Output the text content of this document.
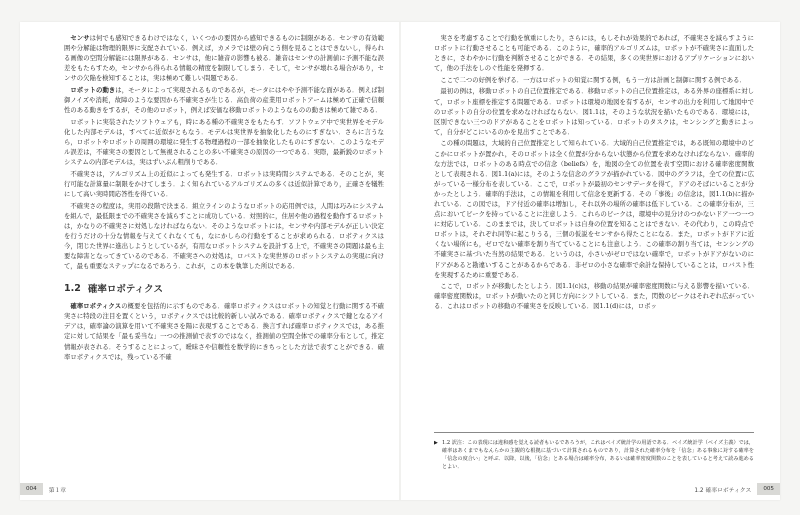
センサは何でも感知できるわけではなく，いくつかの要因から感知できるものに制限がある．センサの有効範囲や分解能は物理的限界に支配されている．例えば，カメラでは壁の向こう側を見ることはできないし，得られる画像の空間分解能には限界がある．センサは，他に雑音の影響も被る．雑音はセンサの計測値に予測不能な誤差をもたらすため，センサから得られる情報の精度を制限してしまう．そして，センサが壊れる場合があり，センサの欠陥を検知することは，実は極めて難しい問題である．

ロボットの動きは，モータによって実現されるものであるが，モータにはやや予測不能な面がある．例えば制御ノイズや消耗，故障のような要因から不確実さが生じる．高負荷の産業用ロボットアームは極めて正確で信頼性のある動きをするが，その他のロボット，例えば安価な移動ロボットのようなものの動きは極めて雑である．

ロボットに実装されたソフトウェアも，時にある種の不確実さをもたらす．ソフトウェア中で実世界をモデル化した内部モデルは，すべてに近似がともなう．モデルは実世界を抽象化したものにすぎない．さらに言うなら，ロボットやロボットの周囲の環境に発生する物理過程の一部を抽象化したものにすぎない．このようなモデル誤差は，不確実さの要因として無視されることの多い不確実さの原因の一つである．実際，最新鋭のロボットシステムの内部モデルは，実はずいぶん粗削りである．

不確実さは，アルゴリズム上の近似によっても発生する．ロボットは実時間システムである．そのことが，実行可能な計算量に制限をかけてしまう．よく知られているアルゴリズムの多くは近似計算であり，正確さを犠牲にして高い実時間応答性を得ている．

不確実さの程度は，実用の段階で決まる．組立ラインのようなロボットの応用例では，人間は巧みにシステムを組んで，最低限までの不確実さを減らすことに成功している．対照的に，住居や他の過程を動作するロボットは，かなりの不確実さに対処しなければならない．そのようなロボットには，センサや内部モデルが正しい決定を行うだけの十分な情報を与えてくれなくても，なにかしらの行動をすることが求められる．ロボティクスは今，閉じた世界に進出しようとしているが，有用なロボットシステムを設計する上で，不確実さの問題は最も主要な障害となってきているのである．不確実さへの対処は，ロバストな実世界のロボットシステムの実現に向けて，最も重要なステップになるであろう．これが，この本を執筆した所以である．

1.2 確率ロボティクス

確率ロボティクスの概要を包括的に示すものである．確率ロボティクスはロボットの知覚と行動に関する不確実さに特段の注目を置くという，ロボティクスでは比較的新しい試みである．確率ロボティクスで鍵となるアイデアは，確率論の演算を用いて不確実さを陽に表現することである．換言すれば確率ロボティクスでは，ある推定に対して結果を「最も妥当な」一つの推測値で表すのではなく，推測値の空間全体での確率分布として，推定情報が表される．そうすることによって，曖昧さや信頼性を数学的にきちっとした方法で表すことができる．確率ロボティクスでは，残っている不確

実さを考慮することで行動を慎重にしたり，さらには，もしそれが効果的であれば，不確実さを減らすようにロボットに行動させることも可能である．このように，確率的アルゴリズムは，ロボットが不確実さに直面したときに，さわやかに行動を判断させることができる．その結果，多くの実世界におけるアプリケーションにおいて，他の手法をしのぐ性能を発揮する．

ここで二つの好例を挙げる．一方はロボットの知覚に関する例，もう一方は計画と制御に関する例である．

最初の例は，移動ロボットの自己位置推定である．移動ロボットの自己位置推定は，ある外界の座標系に対して，ロボット座標を推定する問題である．ロボットは環境の地図を有するが，センサの出力を利用して地図中でのロボットの自分の位置を求めなければならない．図1.1は，そのような状況を描いたものである．環境には，区別できない三つのドアがあることをロボットは知っている．ロボットのタスクは，センシングと動きによって，自分がどこにいるのかを見出すことである．

この種の問題は，大域的自己位置推定として知られている．大域的自己位置推定では，ある既知の環境中のどこかにロボットが置かれ，そのロボットは全く位置が分からない状態から位置を求めなければならない．確率的な方法では，ロボットのある時点での信念（beliefs）を，地図の全ての位置を表す空間における確率密度関数として表現される．図1.1(a)には，そのような信念のグラフが描かれている．図中のグラフは，全ての位置に広がっている一様分布を表している．ここで，ロボットが最初のセンサデータを得て，ドアのそばにいることが分かったとしよう．確率的手法は，この情報を利用して信念を更新する．その「事後」の信念は，図1.1(b)に描かれている．この図では，ドア付近の確率は増加し，それ以外の場所の確率は低下している．この確率分布が，三点においてピークを持っていることに注意しよう．これらのピークは，環境中の見分けのつかないドア一つ一つに対応している．このままでは，決してロボットは自身の位置を知ることはできない．その代わり，この時点でロボットは，それぞれ同等に起こりうる，三個の仮説をセンサから得たことになる．また，ロボットがドアに近くない場所にも，ゼロでない確率を割り当てていることにも注意しよう．この確率の割り当ては，センシングの不確実さに基づいた当然の結果である．というのは，小さいがゼロではない確率で，ロボットがドアがないのにドアがあると勘違いすることがあるからである．非ゼロの小さな確率で余計な保持していることは，ロバスト性を実現するために重要である．

ここで，ロボットが移動したとしよう．図1.1(c)は，移動の結果が確率密度関数に与える影響を描いている．確率密度関数は，ロボットが動いたのと同じ方向にシフトしている．また，閃数のピークはそれぞれ広がっている．これはロボットの移動の不確実さを反映している．図1.1(d)には，ロボッ

▶ 1.2 訳注：この表現には違和感を覚える読者もいるであろうが，これはベイズ統計学の用語である．ベイズ統計学（ベイズ主義）では，確率はあくまでもなんらかの主観的な根拠に基づいて計算されるものであり，計算された確率分布を「信念」ある事象に対する確率を「信念の度合い」と呼ぶ．以降，以後，「信念」とある場合は確率分布，あるいは確率密度関数のことを表していると考えて読み進めるとよい．

004	第１章	1.2 確率ロボティクス	005
